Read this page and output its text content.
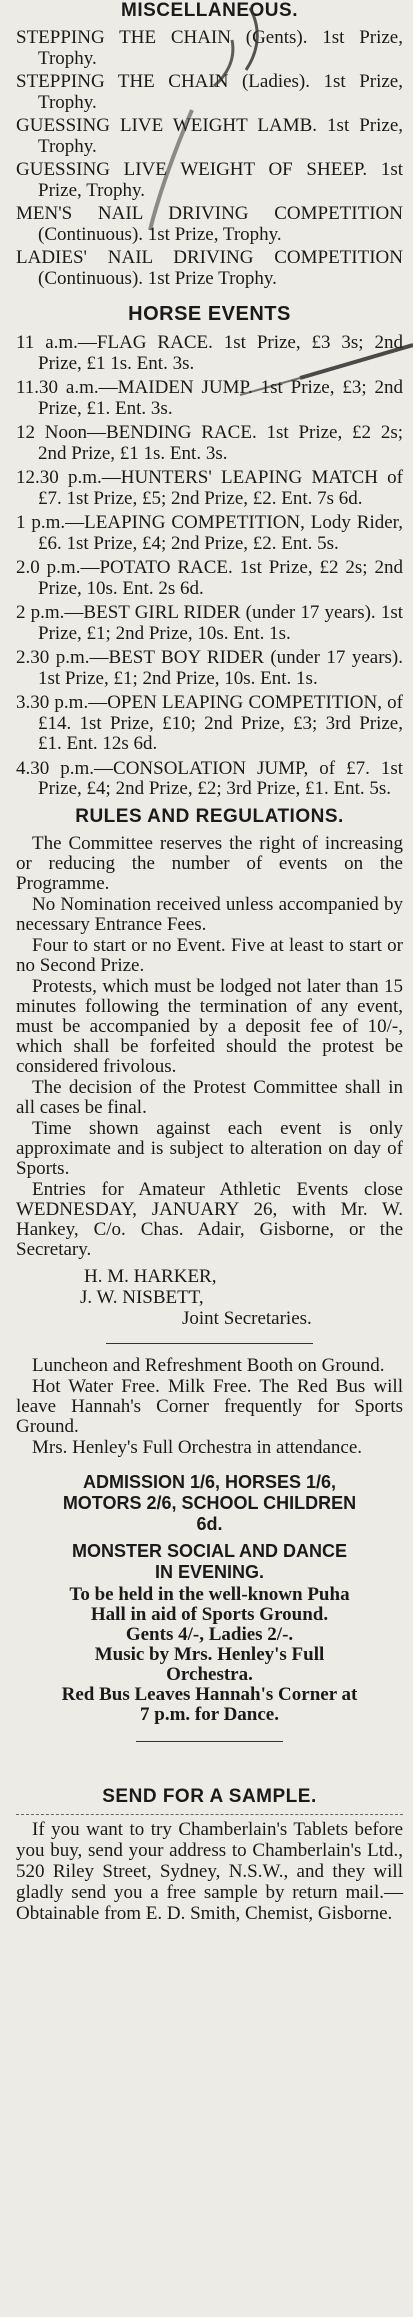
MISCELLANEOUS.

STEPPING THE CHAIN (Gents). 1st Prize, Trophy.

STEPPING THE CHAIN (Ladies). 1st Prize, Trophy.

GUESSING LIVE WEIGHT LAMB. 1st Prize, Trophy.

GUESSING LIVE WEIGHT OF SHEEP. 1st Prize, Trophy.

MEN'S NAIL DRIVING COMPETITION (Continuous). 1st Prize, Trophy.

LADIES' NAIL DRIVING COMPETITION (Continuous). 1st Prize Trophy.

HORSE EVENTS

11 a.m.—FLAG RACE. 1st Prize, £3 3s; 2nd Prize, £1 1s. Ent. 3s.

11.30 a.m.—MAIDEN JUMP. 1st Prize, £3; 2nd Prize, £1. Ent. 3s.

12 Noon—BENDING RACE. 1st Prize, £2 2s; 2nd Prize, £1 1s. Ent. 3s.

12.30 p.m.—HUNTERS' LEAPING MATCH of £7. 1st Prize, £5; 2nd Prize, £2. Ent. 7s 6d.

1 p.m.—LEAPING COMPETITION, Lody Rider, £6. 1st Prize, £4; 2nd Prize, £2. Ent. 5s.

2.0 p.m.—POTATO RACE. 1st Prize, £2 2s; 2nd Prize, 10s. Ent. 2s 6d.

2 p.m.—BEST GIRL RIDER (under 17 years). 1st Prize, £1; 2nd Prize, 10s. Ent. 1s.

2.30 p.m.—BEST BOY RIDER (under 17 years). 1st Prize, £1; 2nd Prize, 10s. Ent. 1s.

3.30 p.m.—OPEN LEAPING COMPETITION, of £14. 1st Prize, £10; 2nd Prize, £3; 3rd Prize, £1. Ent. 12s 6d.

4.30 p.m.—CONSOLATION JUMP, of £7. 1st Prize, £4; 2nd Prize, £2; 3rd Prize, £1. Ent. 5s.

RULES AND REGULATIONS.

The Committee reserves the right of increasing or reducing the number of events on the Programme.

No Nomination received unless accompanied by necessary Entrance Fees.

Four to start or no Event. Five at least to start or no Second Prize.

Protests, which must be lodged not later than 15 minutes following the termination of any event, must be accompanied by a deposit fee of 10/-, which shall be forfeited should the protest be considered frivolous.

The decision of the Protest Committee shall in all cases be final.

Time shown against each event is only approximate and is subject to alteration on day of Sports.

Entries for Amateur Athletic Events close WEDNESDAY, JANUARY 26, with Mr. W. Hankey, C/o. Chas. Adair, Gisborne, or the Secretary.

H. M. HARKER,
J. W. NISBETT,
Joint Secretaries.

Luncheon and Refreshment Booth on Ground.

Hot Water Free. Milk Free. The Red Bus will leave Hannah's Corner frequently for Sports Ground.

Mrs. Henley's Full Orchestra in attendance.

ADMISSION 1/6, HORSES 1/6,
MOTORS 2/6, SCHOOL CHILDREN
6d.
MONSTER SOCIAL AND DANCE
IN EVENING.

To be held in the well-known Puha

Hall in aid of Sports Ground.

Gents 4/-, Ladies 2/-.

Music by Mrs. Henley's Full

Orchestra.

Red Bus Leaves Hannah's Corner at

7 p.m. for Dance.

SEND FOR A SAMPLE.

If you want to try Chamberlain's Tablets before you buy, send your address to Chamberlain's Ltd., 520 Riley Street, Sydney, N.S.W., and they will gladly send you a free sample by return mail.—Obtainable from E. D. Smith, Chemist, Gisborne.
